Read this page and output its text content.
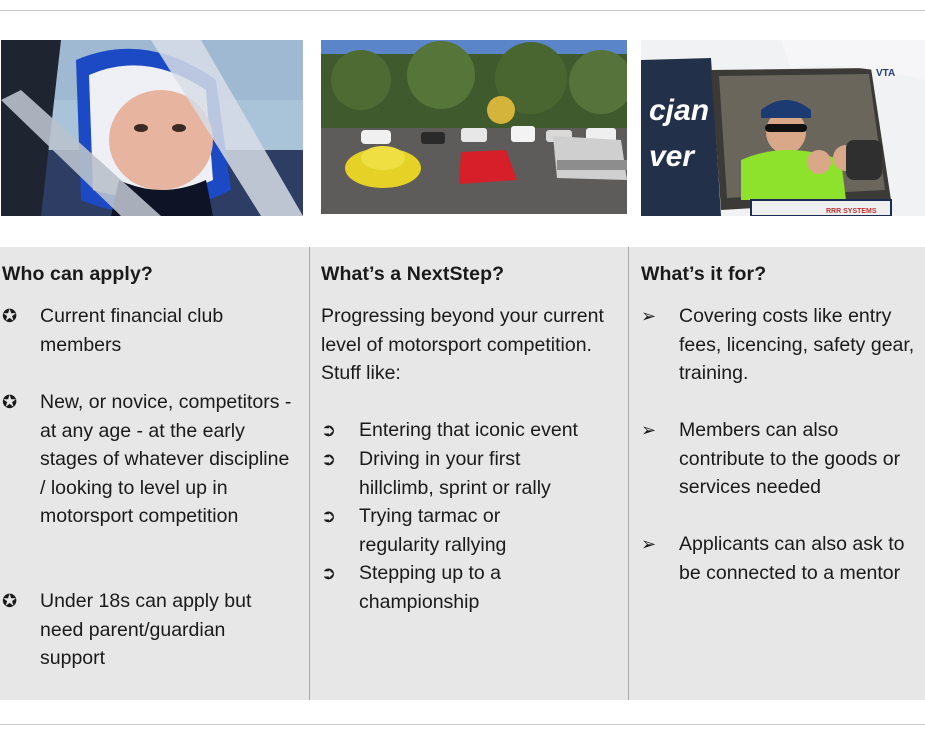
cjan
ver
VTA
RRR SYSTEMS
Who can apply?
✪	Current financial club members
✪	New, or novice, competitors - at any age - at the early stages of whatever discipline / looking to level up in motorsport competition
✪	Under 18s can apply but need parent/guardian support
What’s a NextStep?
Progressing beyond your current level of motorsport competition. Stuff like:
➲	Entering that iconic event
➲	Driving in your first hillclimb, sprint or rally
➲	Trying tarmac or regularity rallying
➲	Stepping up to a championship
What’s it for?
➢	Covering costs like entry fees, licencing, safety gear, training.
➢	Members can also contribute to the goods or services needed
➢	Applicants can also ask to be connected to a mentor
